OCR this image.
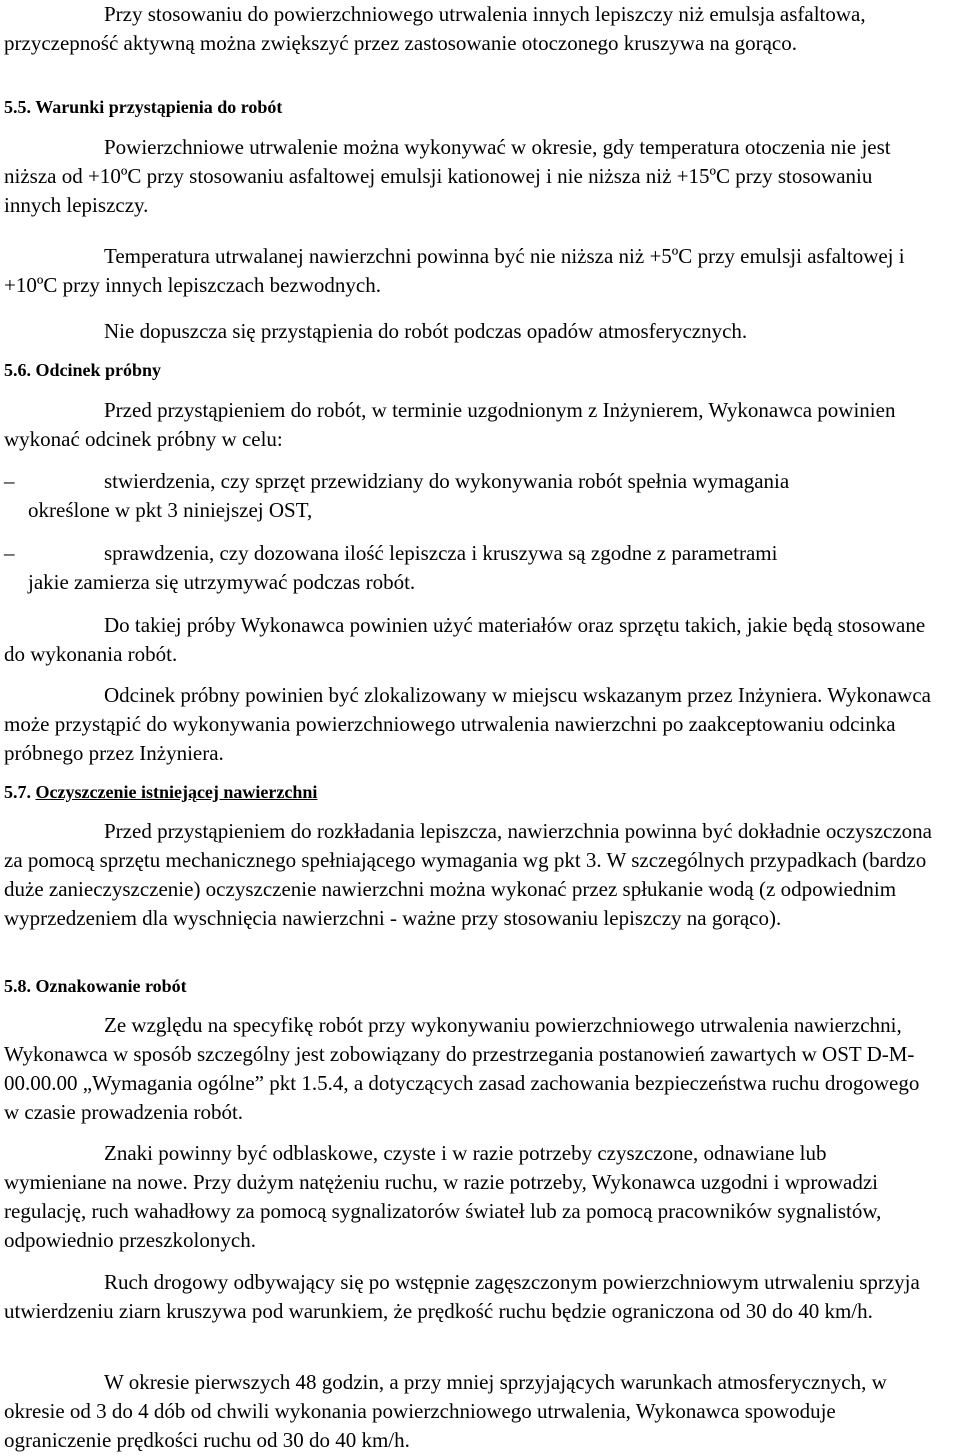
Przy stosowaniu do powierzchniowego utrwalenia innych lepiszczy niż emulsja asfaltowa, przyczepność aktywną można zwiększyć przez zastosowanie otoczonego kruszywa na gorąco.

5.5. Warunki przystąpienia do robót

Powierzchniowe utrwalenie można wykonywać w okresie, gdy temperatura otoczenia nie jest niższa od +10ºC przy stosowaniu asfaltowej emulsji kationowej i nie niższa niż +15ºC przy stosowaniu innych lepiszczy.

Temperatura utrwalanej nawierzchni powinna być nie niższa niż +5ºC przy emulsji asfaltowej i +10ºC przy innych lepiszczach bezwodnych.

Nie dopuszcza się przystąpienia do robót podczas opadów atmosferycznych.

5.6. Odcinek próbny

Przed przystąpieniem do robót, w terminie uzgodnionym z Inżynierem, Wykonawca powinien wykonać odcinek próbny w celu:

–	stwierdzenia, czy sprzęt przewidziany do wykonywania robót spełnia wymagania
określone w pkt 3 niniejszej OST,
–	sprawdzenia, czy dozowana ilość lepiszcza i kruszywa są zgodne z parametrami
jakie zamierza się utrzymywać podczas robót.

Do takiej próby Wykonawca powinien użyć materiałów oraz sprzętu takich, jakie będą stosowane do wykonania robót.

Odcinek próbny powinien być zlokalizowany w miejscu wskazanym przez Inżyniera. Wykonawca może przystąpić do wykonywania powierzchniowego utrwalenia nawierzchni po zaakceptowaniu odcinka próbnego przez Inżyniera.

5.7. Oczyszczenie istniejącej nawierzchni

Przed przystąpieniem do rozkładania lepiszcza, nawierzchnia powinna być dokładnie oczyszczona za pomocą sprzętu mechanicznego spełniającego wymagania wg pkt 3. W szczególnych przypadkach (bardzo duże zanieczyszczenie) oczyszczenie nawierzchni można wykonać przez spłukanie wodą (z odpowiednim wyprzedzeniem dla wyschnięcia nawierzchni - ważne przy stosowaniu lepiszczy na gorąco).

5.8. Oznakowanie robót

Ze względu na specyfikę robót przy wykonywaniu powierzchniowego utrwalenia nawierzchni, Wykonawca w sposób szczególny jest zobowiązany do przestrzegania postanowień zawartych w OST D-M-00.00.00 „Wymagania ogólne” pkt 1.5.4, a dotyczących zasad zachowania bezpieczeństwa ruchu drogowego w czasie prowadzenia robót.

Znaki powinny być odblaskowe, czyste i w razie potrzeby czyszczone, odnawiane lub wymieniane na nowe. Przy dużym natężeniu ruchu, w razie potrzeby, Wykonawca uzgodni i wprowadzi regulację, ruch wahadłowy za pomocą sygnalizatorów świateł lub za pomocą pracowników sygnalistów, odpowiednio przeszkolonych.

Ruch drogowy odbywający się po wstępnie zagęszczonym powierzchniowym utrwaleniu sprzyja utwierdzeniu ziarn kruszywa pod warunkiem, że prędkość ruchu będzie ograniczona od 30 do 40 km/h.

W okresie pierwszych 48 godzin, a przy mniej sprzyjających warunkach atmosferycznych, w okresie od 3 do 4 dób od chwili wykonania powierzchniowego utrwalenia, Wykonawca spowoduje ograniczenie prędkości ruchu od 30 do 40 km/h.
